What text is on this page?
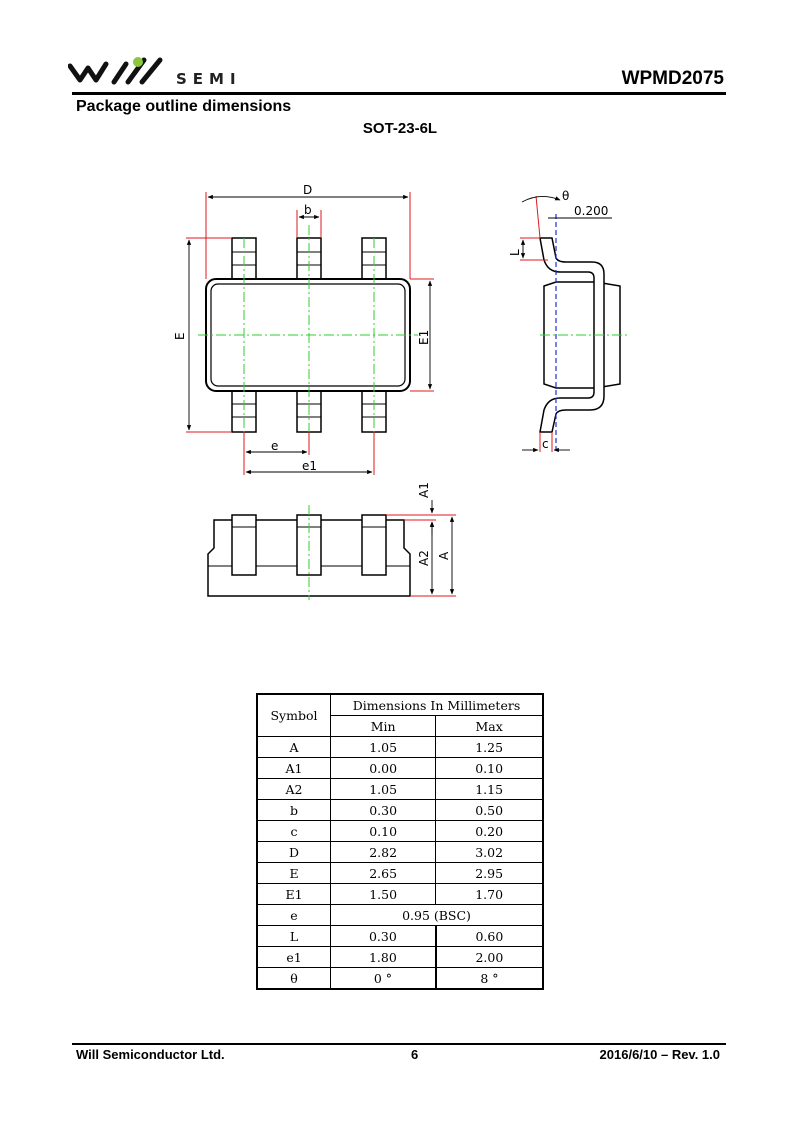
SEMI	WPMD2075
Package outline dimensions
SOT-23-6L
D
b
E	E1
e
e1
θ
0.200
L
c
A1
A2 A
Symbol	Dimensions In Millimeters	
	Min	Max
A	1.05	1.25
A1	0.00	0.10
A2	1.05	1.15
b	0.30	0.50
c	0.10	0.20
D	2.82	3.02
E	2.65	2.95
E1	1.50	1.70
e	0.95 (BSC)	
L	0.30	0.60
e1	1.80	2.00
θ	0 °	8 °
Will Semiconductor Ltd.	6	2016/6/10 – Rev. 1.0
